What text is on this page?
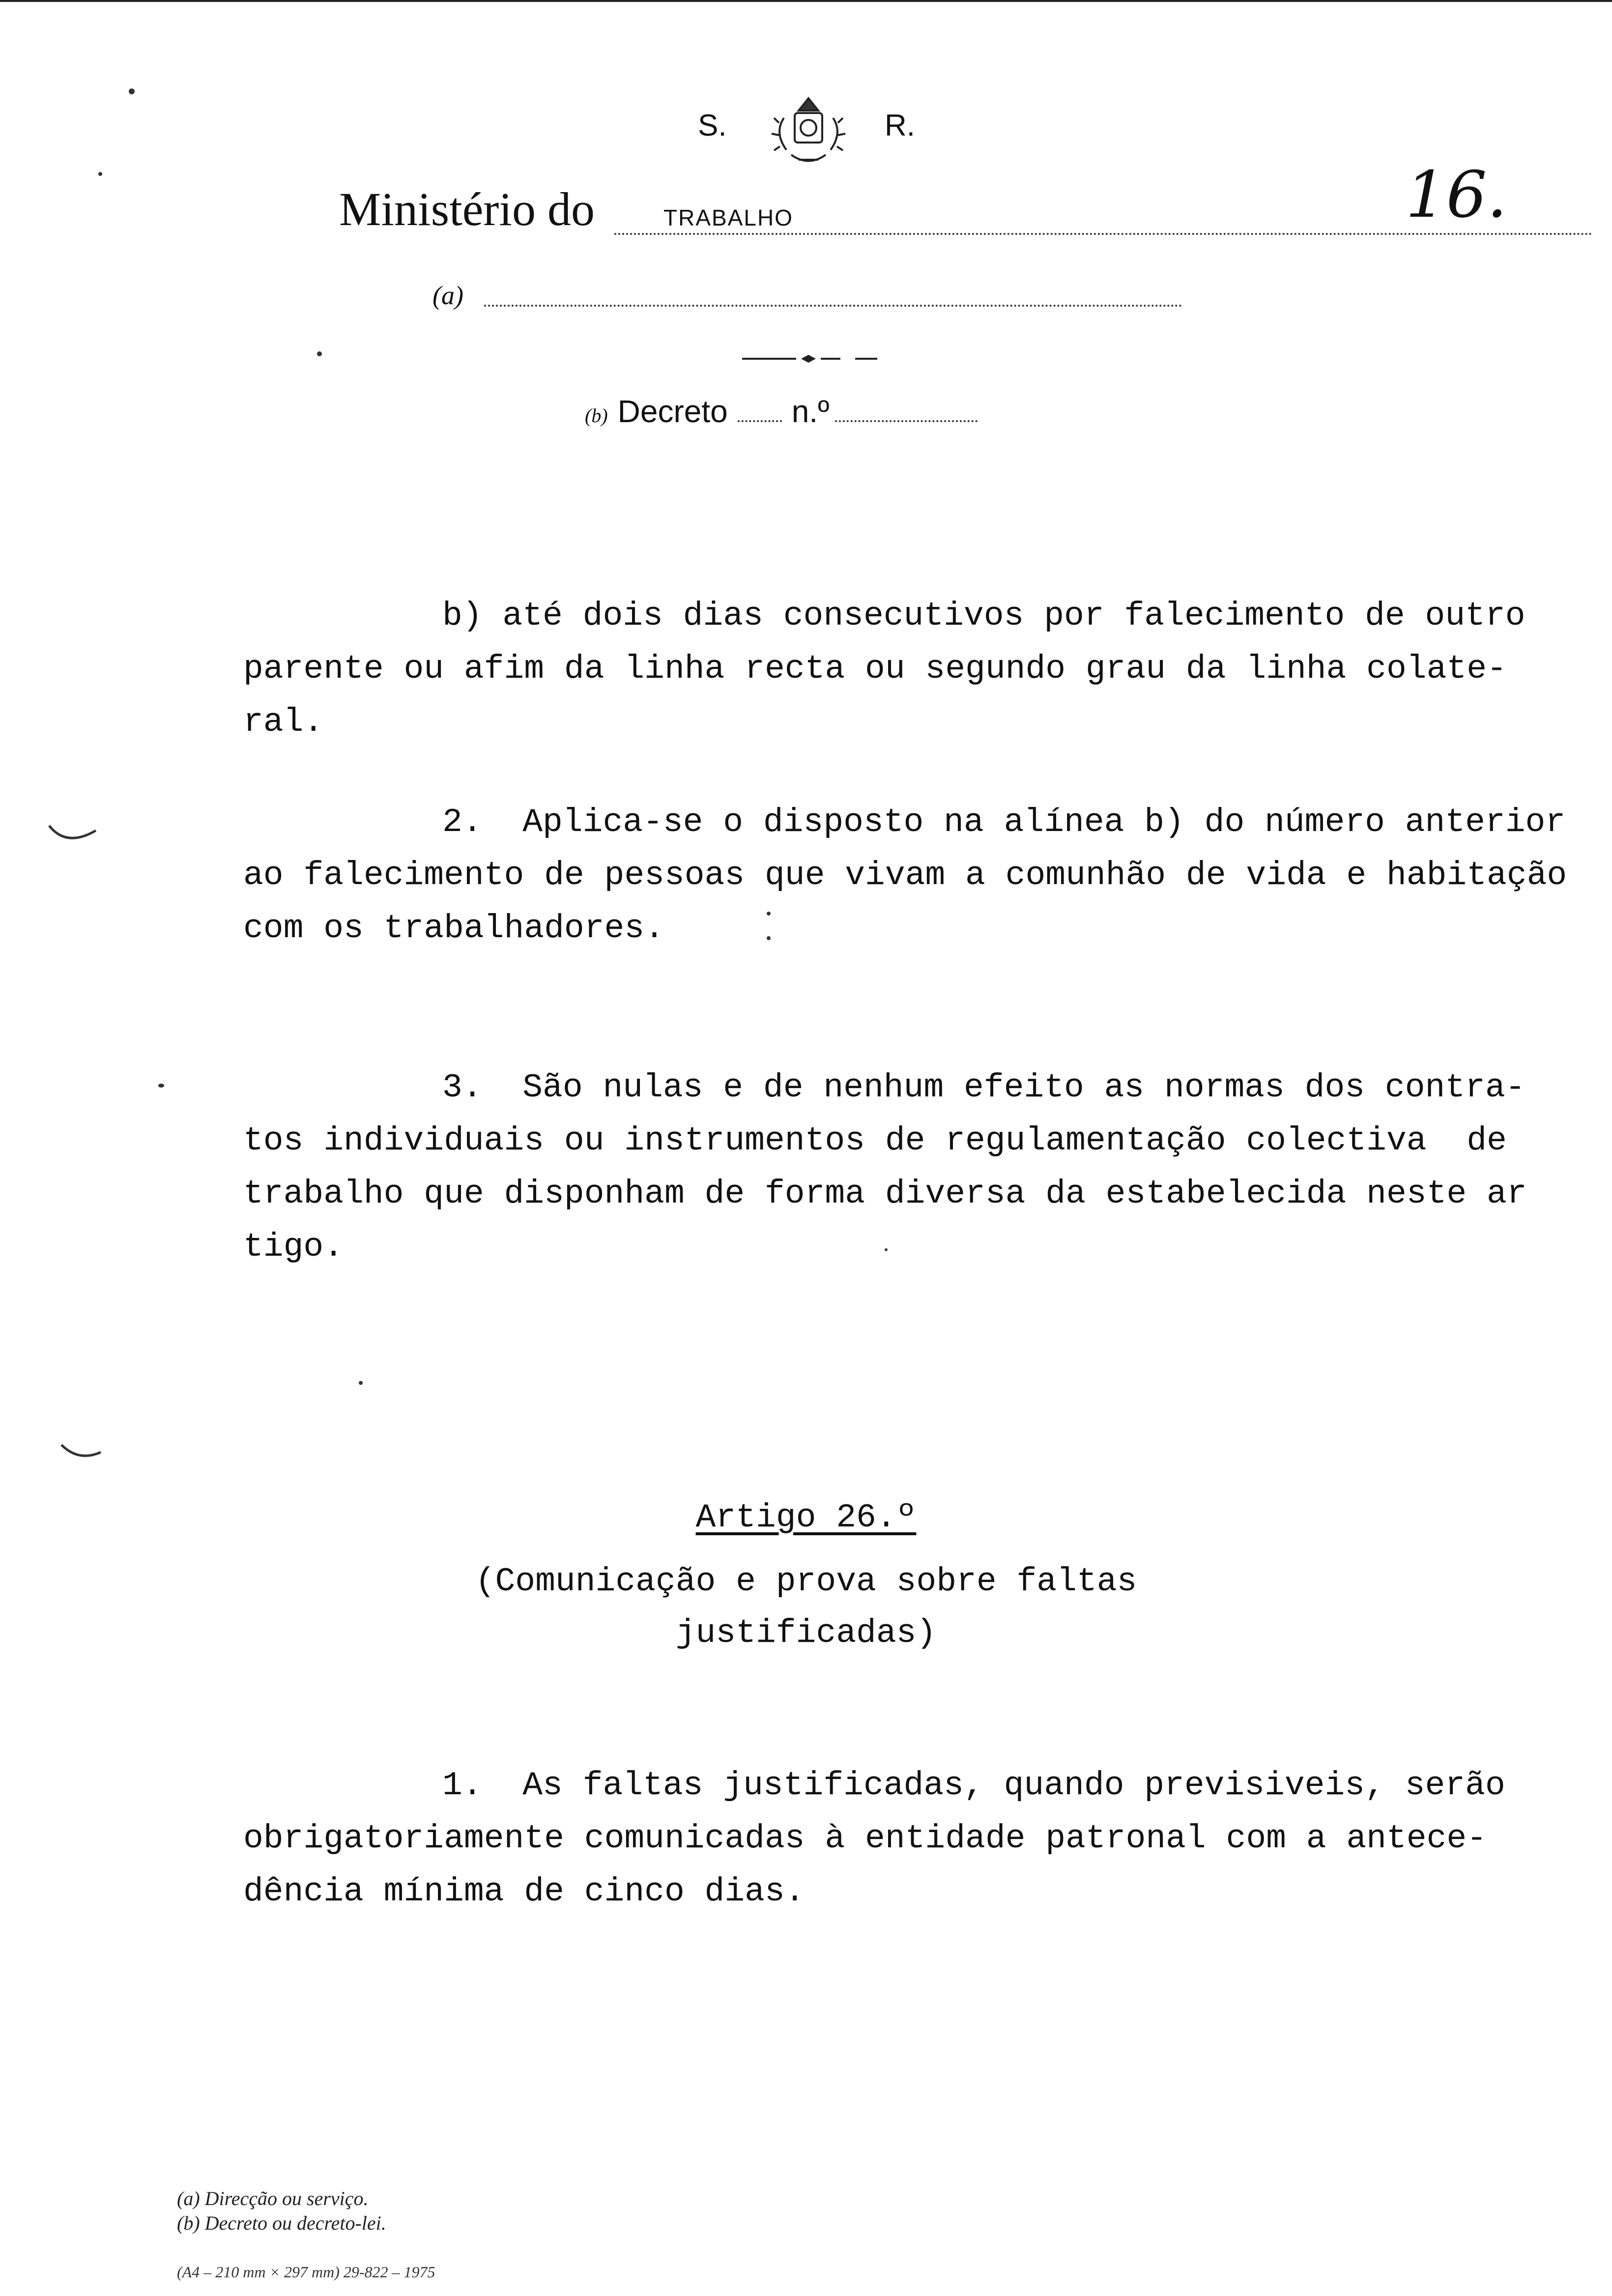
S.	R.
Ministério do	TRABALHO	16.
(a)
(b) Decreto n.º
b) até dois dias consecutivos por falecimento de outro
parente ou afim da linha recta ou segundo grau da linha colate-
ral.
2.  Aplica-se o disposto na alínea b) do número anterior
ao falecimento de pessoas que vivam a comunhão de vida e habitação
com os trabalhadores.
3.  São nulas e de nenhum efeito as normas dos contra-
tos individuais ou instrumentos de regulamentação colectiva  de
trabalho que disponham de forma diversa da estabelecida neste ar
tigo.
Artigo 26.º
(Comunicação e prova sobre faltas
justificadas)
1.  As faltas justificadas, quando previsiveis, serão
obrigatoriamente comunicadas à entidade patronal com a antece-
dência mínima de cinco dias.
(a) Direcção ou serviço.
(b) Decreto ou decreto-lei.
(A4 – 210 mm × 297 mm) 29-822 – 1975
